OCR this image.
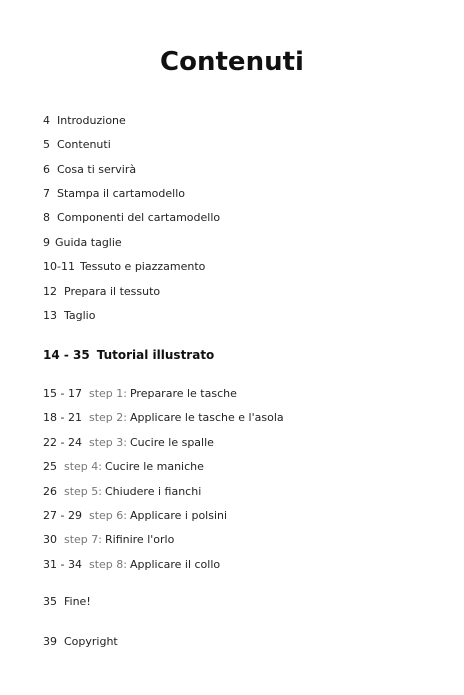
Contenuti
4 Introduzione
5 Contenuti
6 Cosa ti servirà
7 Stampa il cartamodello
8 Componenti del cartamodello
9 Guida taglie
10-11 Tessuto e piazzamento
12 Prepara il tessuto
13 Taglio
14 - 35 Tutorial illustrato
15 - 17 step 1: Preparare le tasche
18 - 21 step 2: Applicare le tasche e l'asola
22 - 24 step 3: Cucire le spalle
25 step 4: Cucire le maniche
26 step 5: Chiudere i fianchi
27 - 29 step 6: Applicare i polsini
30 step 7: Rifinire l'orlo
31 - 34 step 8: Applicare il collo
35 Fine!
39 Copyright
